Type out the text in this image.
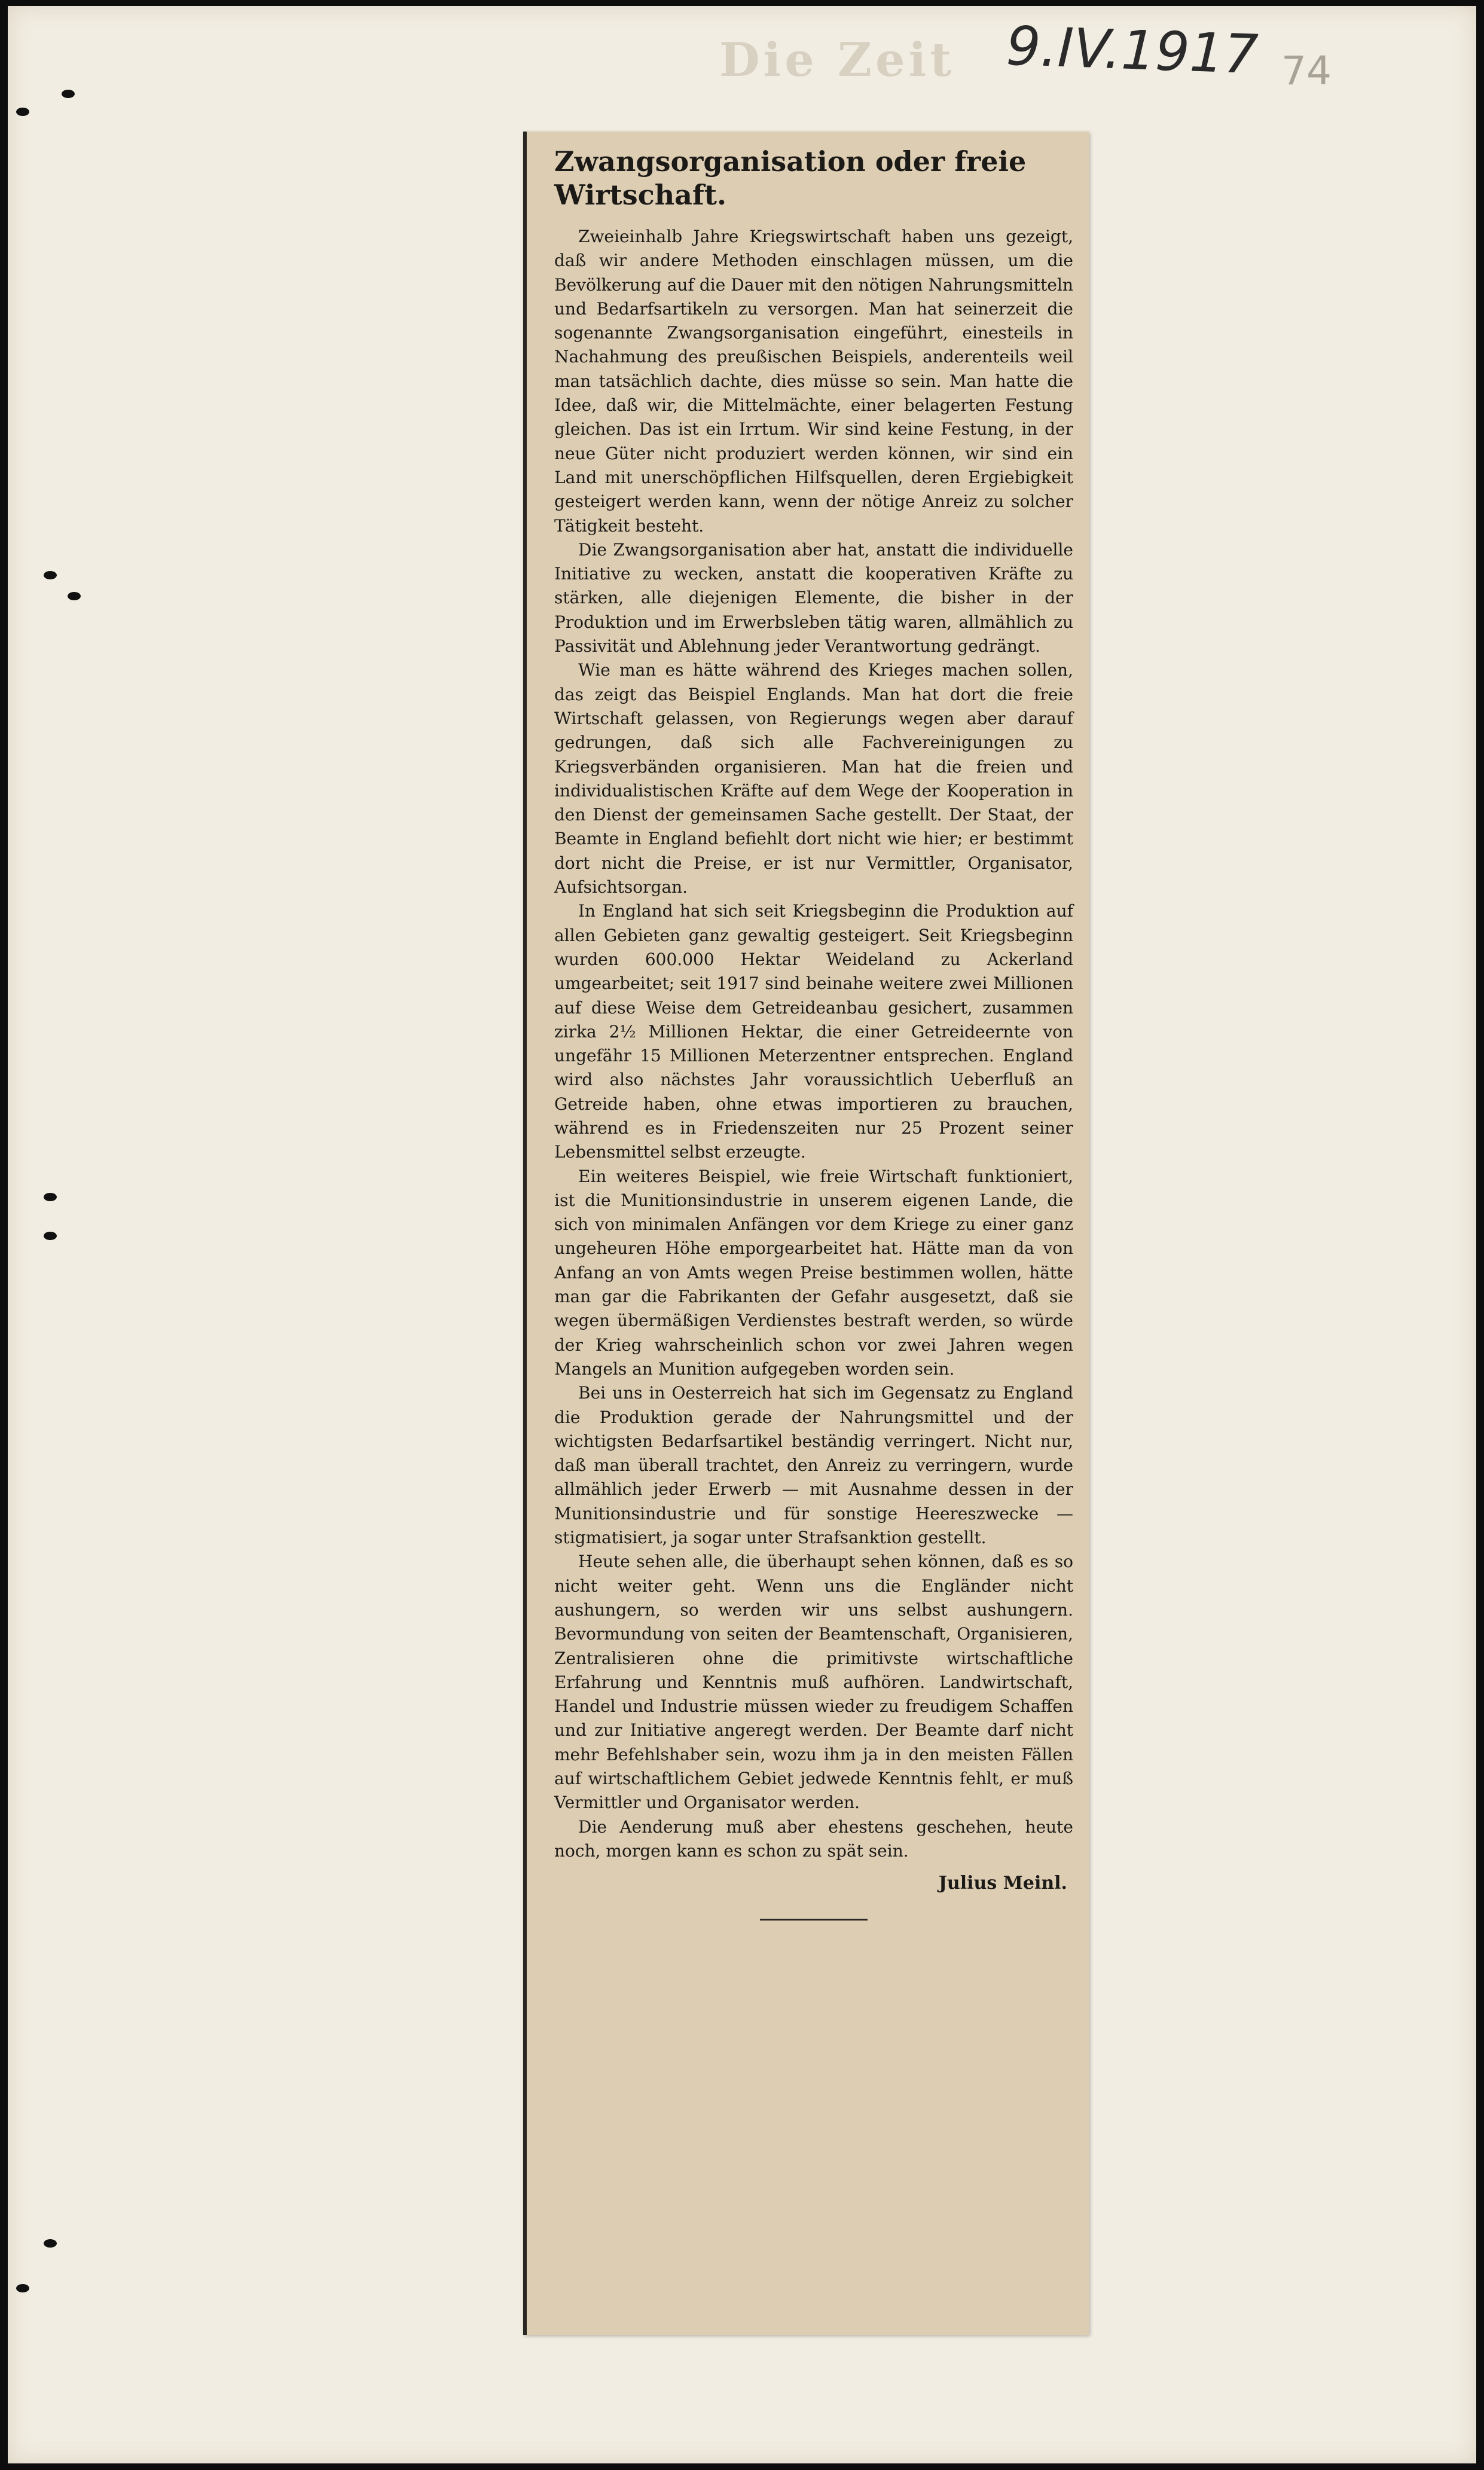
Die Zeit 9.IV.1917 74
Zwangsorganisation oder freie Wirtschaft.

Zweieinhalb Jahre Kriegswirtschaft haben uns gezeigt, daß wir andere Methoden einschlagen müssen, um die Bevölkerung auf die Dauer mit den nötigen Nahrungsmitteln und Bedarfsartikeln zu versorgen. Man hat seinerzeit die sogenannte Zwangsorganisation eingeführt, einesteils in Nachahmung des preußischen Beispiels, anderenteils weil man tatsächlich dachte, dies müsse so sein. Man hatte die Idee, daß wir, die Mittelmächte, einer belagerten Festung gleichen. Das ist ein Irrtum. Wir sind keine Festung, in der neue Güter nicht produziert werden können, wir sind ein Land mit unerschöpflichen Hilfsquellen, deren Ergiebigkeit gesteigert werden kann, wenn der nötige Anreiz zu solcher Tätigkeit besteht.

Die Zwangsorganisation aber hat, anstatt die individuelle Initiative zu wecken, anstatt die kooperativen Kräfte zu stärken, alle diejenigen Elemente, die bisher in der Produktion und im Erwerbsleben tätig waren, allmählich zu Passivität und Ablehnung jeder Verantwortung gedrängt.

Wie man es hätte während des Krieges machen sollen, das zeigt das Beispiel Englands. Man hat dort die freie Wirtschaft gelassen, von Regierungs wegen aber darauf gedrungen, daß sich alle Fachvereinigungen zu Kriegsverbänden organisieren. Man hat die freien und individualistischen Kräfte auf dem Wege der Kooperation in den Dienst der gemeinsamen Sache gestellt. Der Staat, der Beamte in England befiehlt dort nicht wie hier; er bestimmt dort nicht die Preise, er ist nur Vermittler, Organisator, Aufsichtsorgan.

In England hat sich seit Kriegsbeginn die Produktion auf allen Gebieten ganz gewaltig gesteigert. Seit Kriegsbeginn wurden 600.000 Hektar Weideland zu Ackerland umgearbeitet; seit 1917 sind beinahe weitere zwei Millionen auf diese Weise dem Getreideanbau gesichert, zusammen zirka 2½ Millionen Hektar, die einer Getreideernte von ungefähr 15 Millionen Meterzentner entsprechen. England wird also nächstes Jahr voraussichtlich Ueberfluß an Getreide haben, ohne etwas importieren zu brauchen, während es in Friedenszeiten nur 25 Prozent seiner Lebensmittel selbst erzeugte.

Ein weiteres Beispiel, wie freie Wirtschaft funktioniert, ist die Munitionsindustrie in unserem eigenen Lande, die sich von minimalen Anfängen vor dem Kriege zu einer ganz ungeheuren Höhe emporgearbeitet hat. Hätte man da von Anfang an von Amts wegen Preise bestimmen wollen, hätte man gar die Fabrikanten der Gefahr ausgesetzt, daß sie wegen übermäßigen Verdienstes bestraft werden, so würde der Krieg wahrscheinlich schon vor zwei Jahren wegen Mangels an Munition aufgegeben worden sein.

Bei uns in Oesterreich hat sich im Gegensatz zu England die Produktion gerade der Nahrungsmittel und der wichtigsten Bedarfsartikel beständig verringert. Nicht nur, daß man überall trachtet, den Anreiz zu verringern, wurde allmählich jeder Erwerb — mit Ausnahme dessen in der Munitionsindustrie und für sonstige Heereszwecke — stigmatisiert, ja sogar unter Strafsanktion gestellt.

Heute sehen alle, die überhaupt sehen können, daß es so nicht weiter geht. Wenn uns die Engländer nicht aushungern, so werden wir uns selbst aushungern. Bevormundung von seiten der Beamtenschaft, Organisieren, Zentralisieren ohne die primitivste wirtschaftliche Erfahrung und Kenntnis muß aufhören. Landwirtschaft, Handel und Industrie müssen wieder zu freudigem Schaffen und zur Initiative angeregt werden. Der Beamte darf nicht mehr Befehlshaber sein, wozu ihm ja in den meisten Fällen auf wirtschaftlichem Gebiet jedwede Kenntnis fehlt, er muß Vermittler und Organisator werden.

Die Aenderung muß aber ehestens geschehen, heute noch, morgen kann es schon zu spät sein.

Julius Meinl.
